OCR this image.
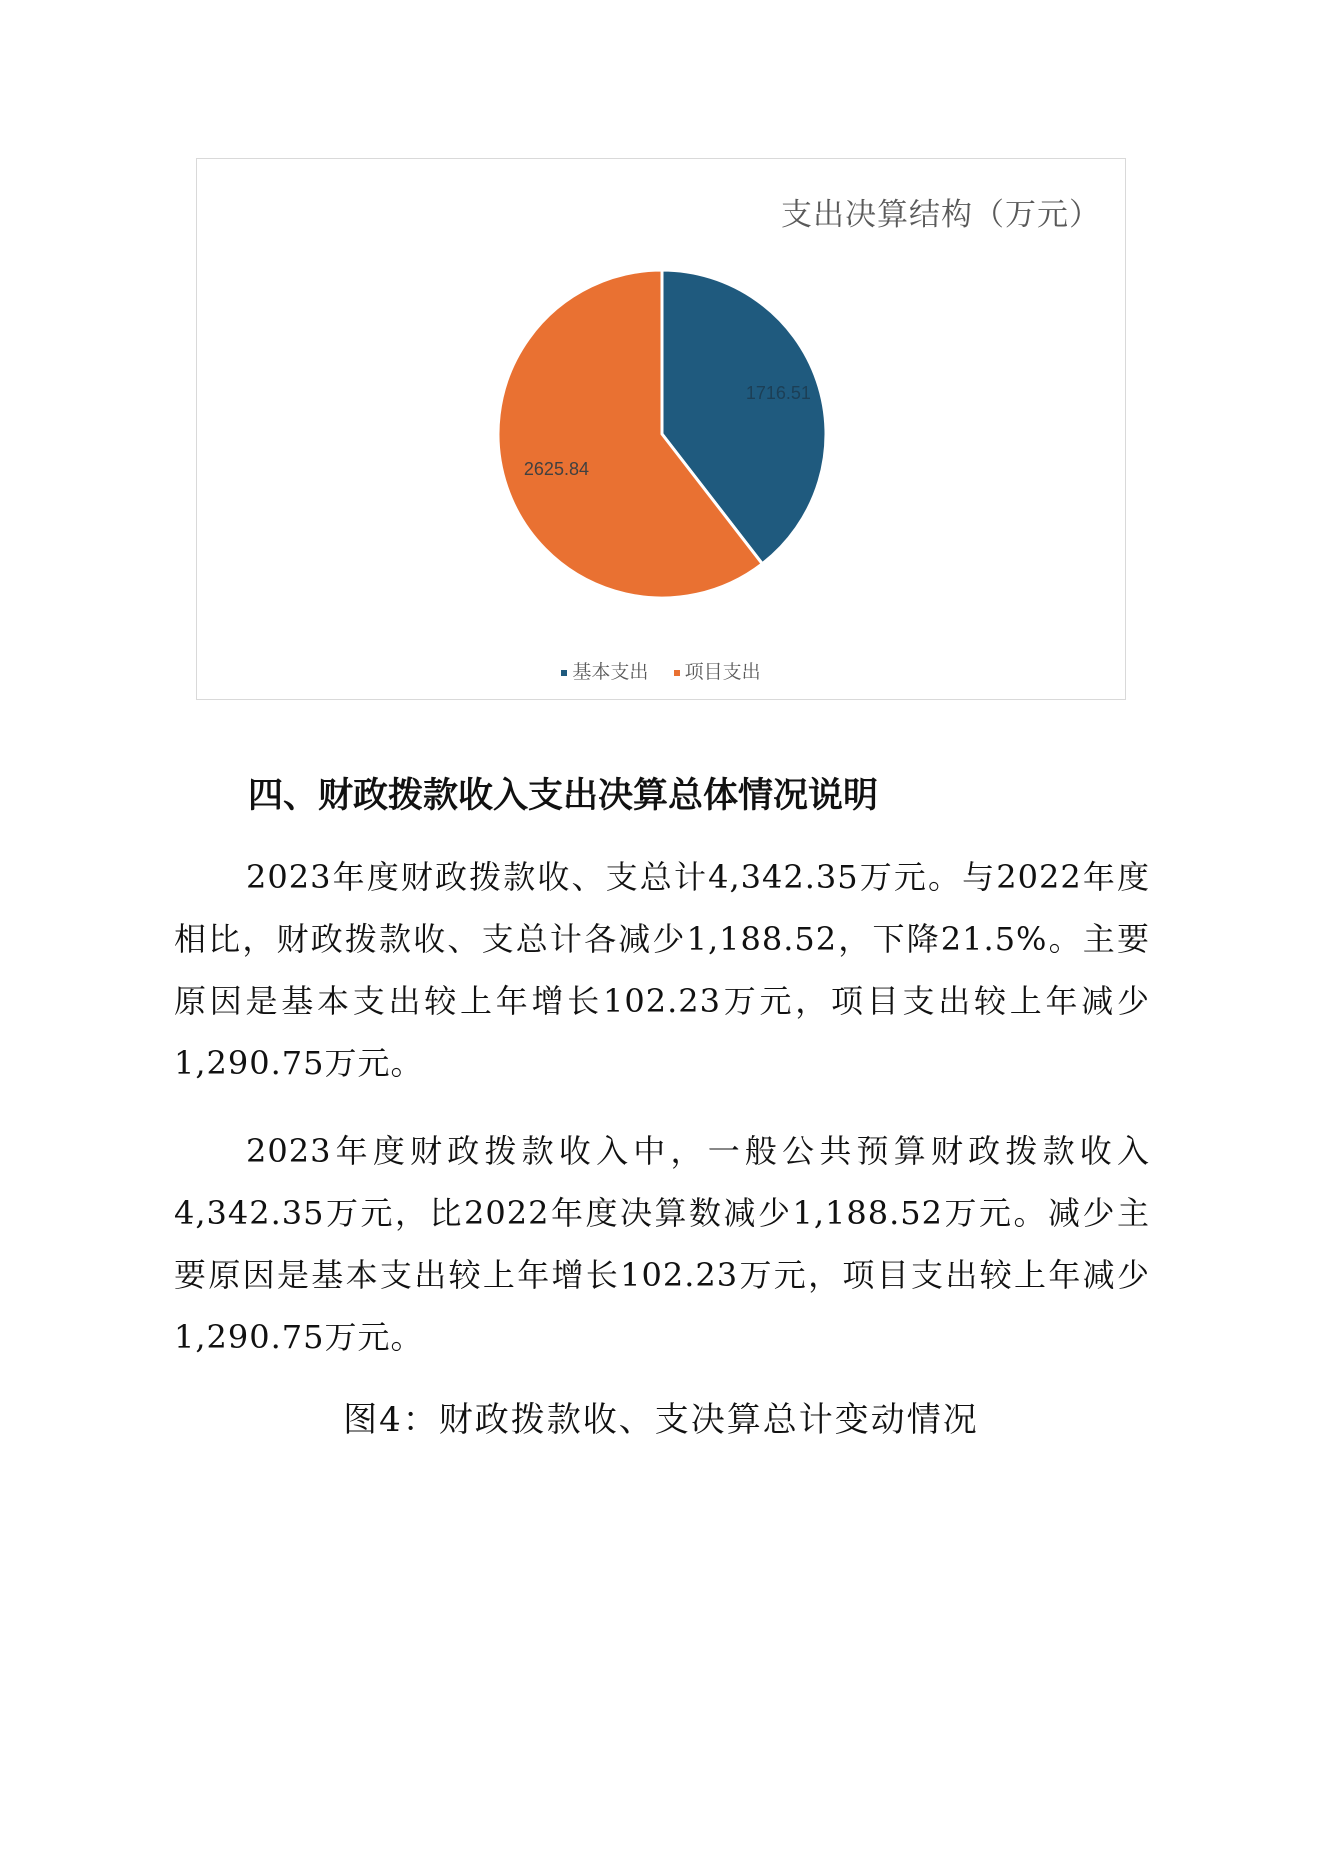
支出决算结构（万元）
1716.51
2625.84
基本支出 项目支出
四、财政拨款收入支出决算总体情况说明

2023年度财政拨款收、支总计4,342.35万元。与2022年度相比，财政拨款收、支总计各减少1,188.52，下降21.5%。主要原因是基本支出较上年增长102.23万元，项目支出较上年减少1,290.75万元。

2023年度财政拨款收入中，一般公共预算财政拨款收入4,342.35万元，比2022年度决算数减少1,188.52万元。减少主要原因是基本支出较上年增长102.23万元，项目支出较上年减少1,290.75万元。

图4：财政拨款收、支决算总计变动情况
